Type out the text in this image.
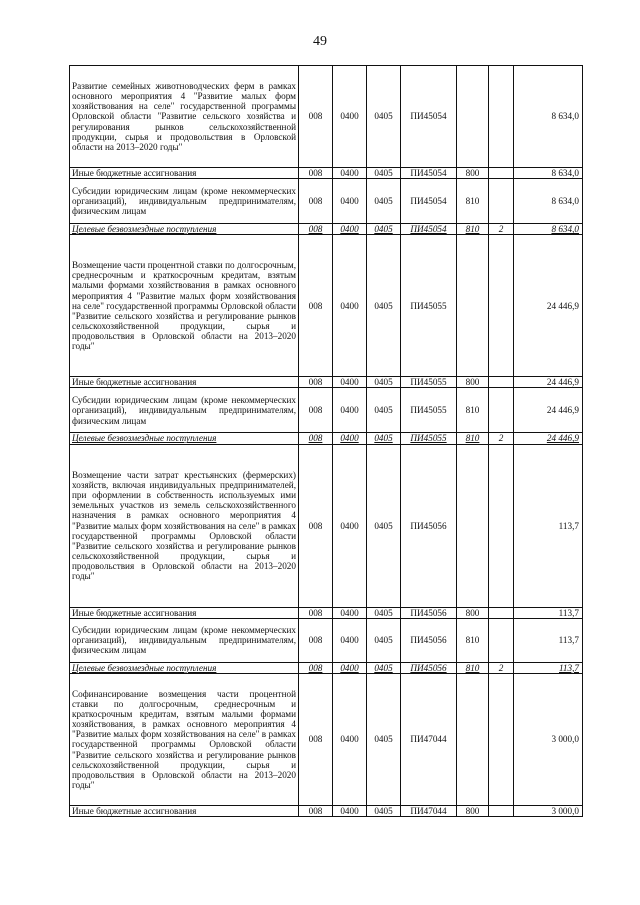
49
Развитие семейных животноводческих ферм в рамках основного мероприятия 4 "Развитие малых форм хозяйствования на селе" государственной программы Орловской области "Развитие сельского хозяйства и регулирования рынков сельскохозяйственной продукции, сырья и продовольствия в Орловской области на 2013–2020 годы"	008	0400	0405	ПИ45054			8 634,0
Иные бюджетные ассигнования	008	0400	0405	ПИ45054	800		8 634,0
Субсидии юридическим лицам (кроме некоммерческих организаций), индивидуальным предпринимателям, физическим лицам	008	0400	0405	ПИ45054	810		8 634,0
Целевые безвозмездные поступления	008	0400	0405	ПИ45054	810	2	8 634,0
Возмещение части процентной ставки по долгосрочным, среднесрочным и краткосрочным кредитам, взятым малыми формами хозяйствования в рамках основного мероприятия 4 "Развитие малых форм хозяйствования на селе" государственной программы Орловской области "Развитие сельского хозяйства и регулирование рынков сельскохозяйственной продукции, сырья и продовольствия в Орловской области на 2013–2020 годы"	008	0400	0405	ПИ45055			24 446,9
Иные бюджетные ассигнования	008	0400	0405	ПИ45055	800		24 446,9
Субсидии юридическим лицам (кроме некоммерческих организаций), индивидуальным предпринимателям, физическим лицам	008	0400	0405	ПИ45055	810		24 446,9
Целевые безвозмездные поступления	008	0400	0405	ПИ45055	810	2	24 446,9
Возмещение части затрат крестьянских (фермерских) хозяйств, включая индивидуальных предпринимателей, при оформлении в собственность используемых ими земельных участков из земель сельскохозяйственного назначения в рамках основного мероприятия 4 "Развитие малых форм хозяйствования на селе" в рамках государственной программы Орловской области "Развитие сельского хозяйства и регулирование рынков сельскохозяйственной продукции, сырья и продовольствия в Орловской области на 2013–2020 годы"	008	0400	0405	ПИ45056			113,7
Иные бюджетные ассигнования	008	0400	0405	ПИ45056	800		113,7
Субсидии юридическим лицам (кроме некоммерческих организаций), индивидуальным предпринимателям, физическим лицам	008	0400	0405	ПИ45056	810		113,7
Целевые безвозмездные поступления	008	0400	0405	ПИ45056	810	2	113,7
Софинансирование возмещения части процентной ставки по долгосрочным, среднесрочным и краткосрочным кредитам, взятым малыми формами хозяйствования, в рамках основного мероприятия 4 "Развитие малых форм хозяйствования на селе" в рамках государственной программы Орловской области "Развитие сельского хозяйства и регулирование рынков сельскохозяйственной продукции, сырья и продовольствия в Орловской области на 2013–2020 годы"	008	0400	0405	ПИ47044			3 000,0
Иные бюджетные ассигнования	008	0400	0405	ПИ47044	800		3 000,0
